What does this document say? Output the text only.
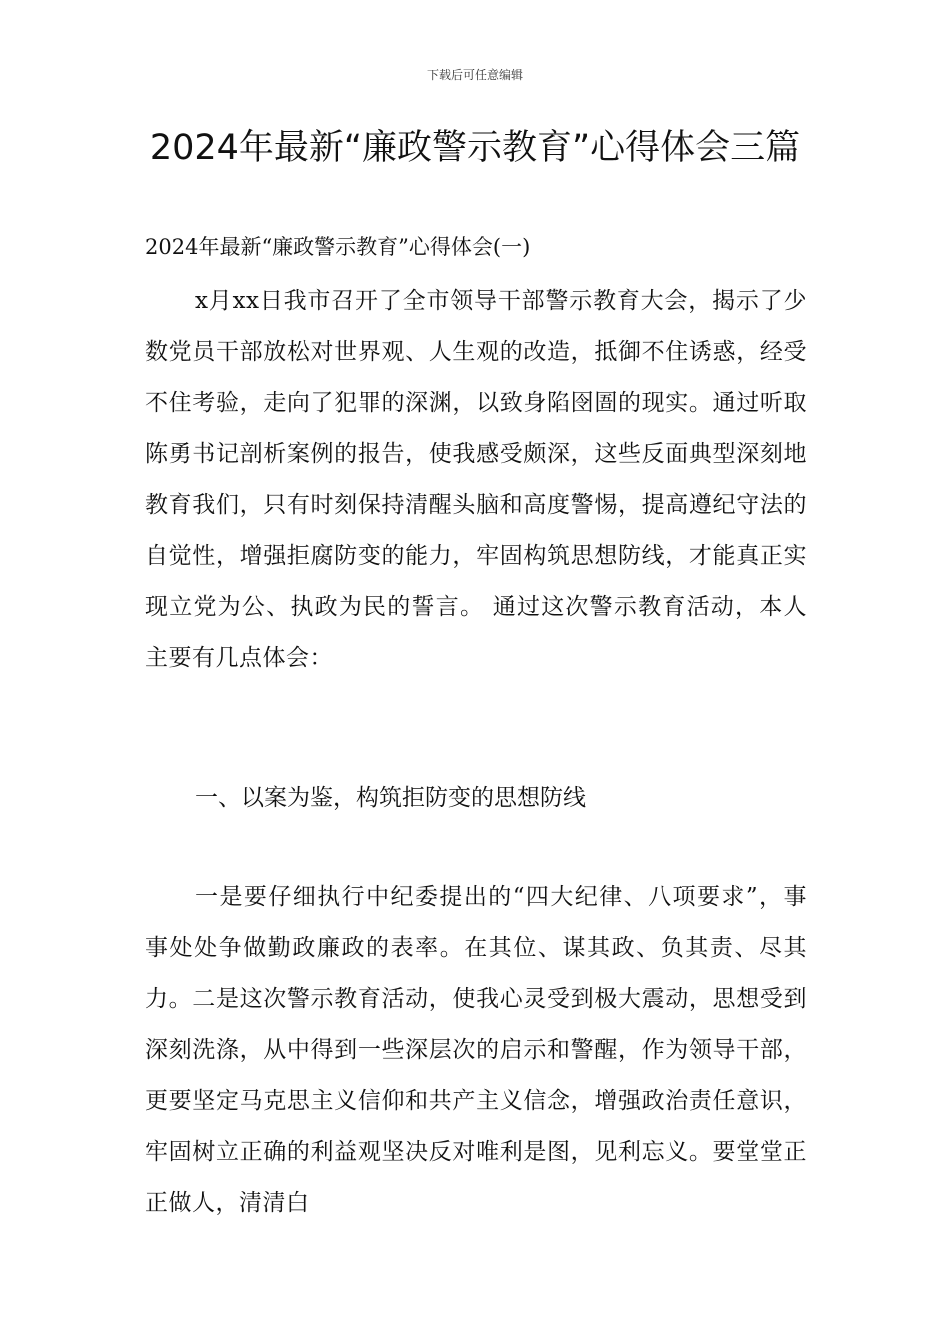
下载后可任意编辑
2024年最新“廉政警示教育”心得体会三篇

2024年最新“廉政警示教育”心得体会(一)

x月xx日我市召开了全市领导干部警示教育大会，揭示了少数党员干部放松对世界观、人生观的改造，抵御不住诱惑，经受不住考验，走向了犯罪的深渊，以致身陷囹圄的现实。通过听取陈勇书记剖析案例的报告，使我感受颇深，这些反面典型深刻地教育我们，只有时刻保持清醒头脑和高度警惕，提高遵纪守法的自觉性，增强拒腐防变的能力，牢固构筑思想防线，才能真正实现立党为公、执政为民的誓言。 通过这次警示教育活动，本人主要有几点体会：

一、以案为鉴，构筑拒防变的思想防线

一是要仔细执行中纪委提出的“四大纪律、八项要求”，事事处处争做勤政廉政的表率。在其位、谋其政、负其责、尽其力。二是这次警示教育活动，使我心灵受到极大震动，思想受到深刻洗涤，从中得到一些深层次的启示和警醒，作为领导干部，更要坚定马克思主义信仰和共产主义信念，增强政治责任意识，牢固树立正确的利益观坚决反对唯利是图，见利忘义。要堂堂正正做人，清清白
